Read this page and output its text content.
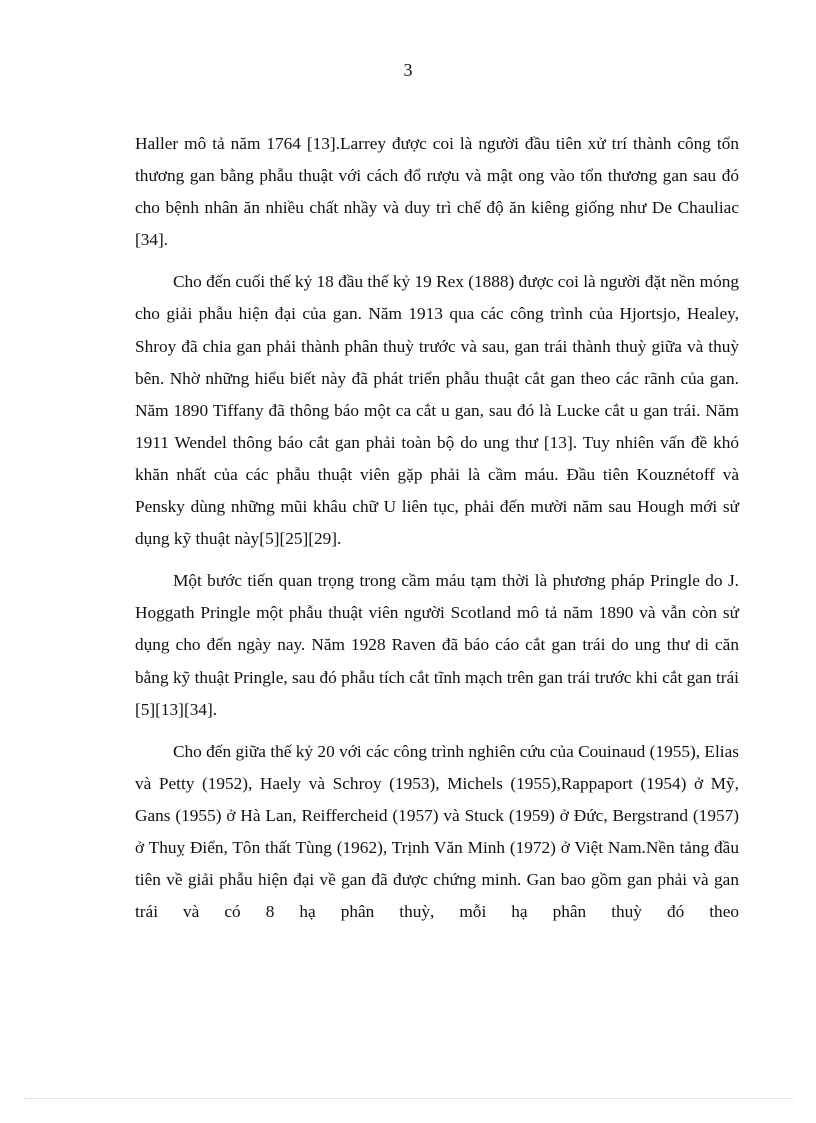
3

Haller mô tả năm 1764 [13].Larrey được coi là người đầu tiên xử trí thành công tổn thương gan bằng phẫu thuật với cách đổ rượu và mật ong vào tổn thương gan sau đó cho bệnh nhân ăn nhiều chất nhầy và duy trì chế độ ăn kiêng giống như De Chauliac [34].

Cho đến cuối thế kỷ 18 đầu thế kỷ 19 Rex (1888) được coi là người đặt nền móng cho giải phẫu hiện đại của gan. Năm 1913 qua các công trình của Hjortsjo, Healey, Shroy đã chia gan phải thành phân thuỳ trước và sau, gan trái thành thuỳ giữa và thuỳ bên. Nhờ những hiểu biết này đã phát triển phẫu thuật cắt gan theo các rãnh của gan. Năm 1890 Tiffany đã thông báo một ca cắt u gan, sau đó là Lucke cắt u gan trái. Năm 1911 Wendel thông báo cắt gan phải toàn bộ do ung thư [13]. Tuy nhiên vấn đề khó khăn nhất của các phẫu thuật viên gặp phải là cầm máu. Đầu tiên Kouznétoff và Pensky dùng những mũi khâu chữ U liên tục, phải đến mười năm sau Hough mới sử dụng kỹ thuật này[5][25][29].

Một bước tiến quan trọng trong cầm máu tạm thời là phương pháp Pringle do J. Hoggath Pringle một phẫu thuật viên người Scotland mô tả năm 1890 và vẫn còn sử dụng cho đến ngày nay. Năm 1928 Raven đã báo cáo cắt gan trái do ung thư di căn bằng kỹ thuật Pringle, sau đó phẫu tích cắt tĩnh mạch trên gan trái trước khi cắt gan trái [5][13][34].

Cho đến giữa thế kỷ 20 với các công trình nghiên cứu của Couinaud (1955), Elias và Petty (1952), Haely và Schroy (1953), Michels (1955),Rappaport (1954) ở Mỹ, Gans (1955) ở Hà Lan, Reiffercheid (1957) và Stuck (1959) ở Đức, Bergstrand (1957) ở Thuỵ Điển, Tôn thất Tùng (1962), Trịnh Văn Minh (1972) ở Việt Nam.Nền tảng đầu tiên về giải phẫu hiện đại về gan đã được chứng minh. Gan bao gồm gan phải và gan trái và có 8 hạ phân thuỳ, mỗi hạ phân thuỳ đó theo
